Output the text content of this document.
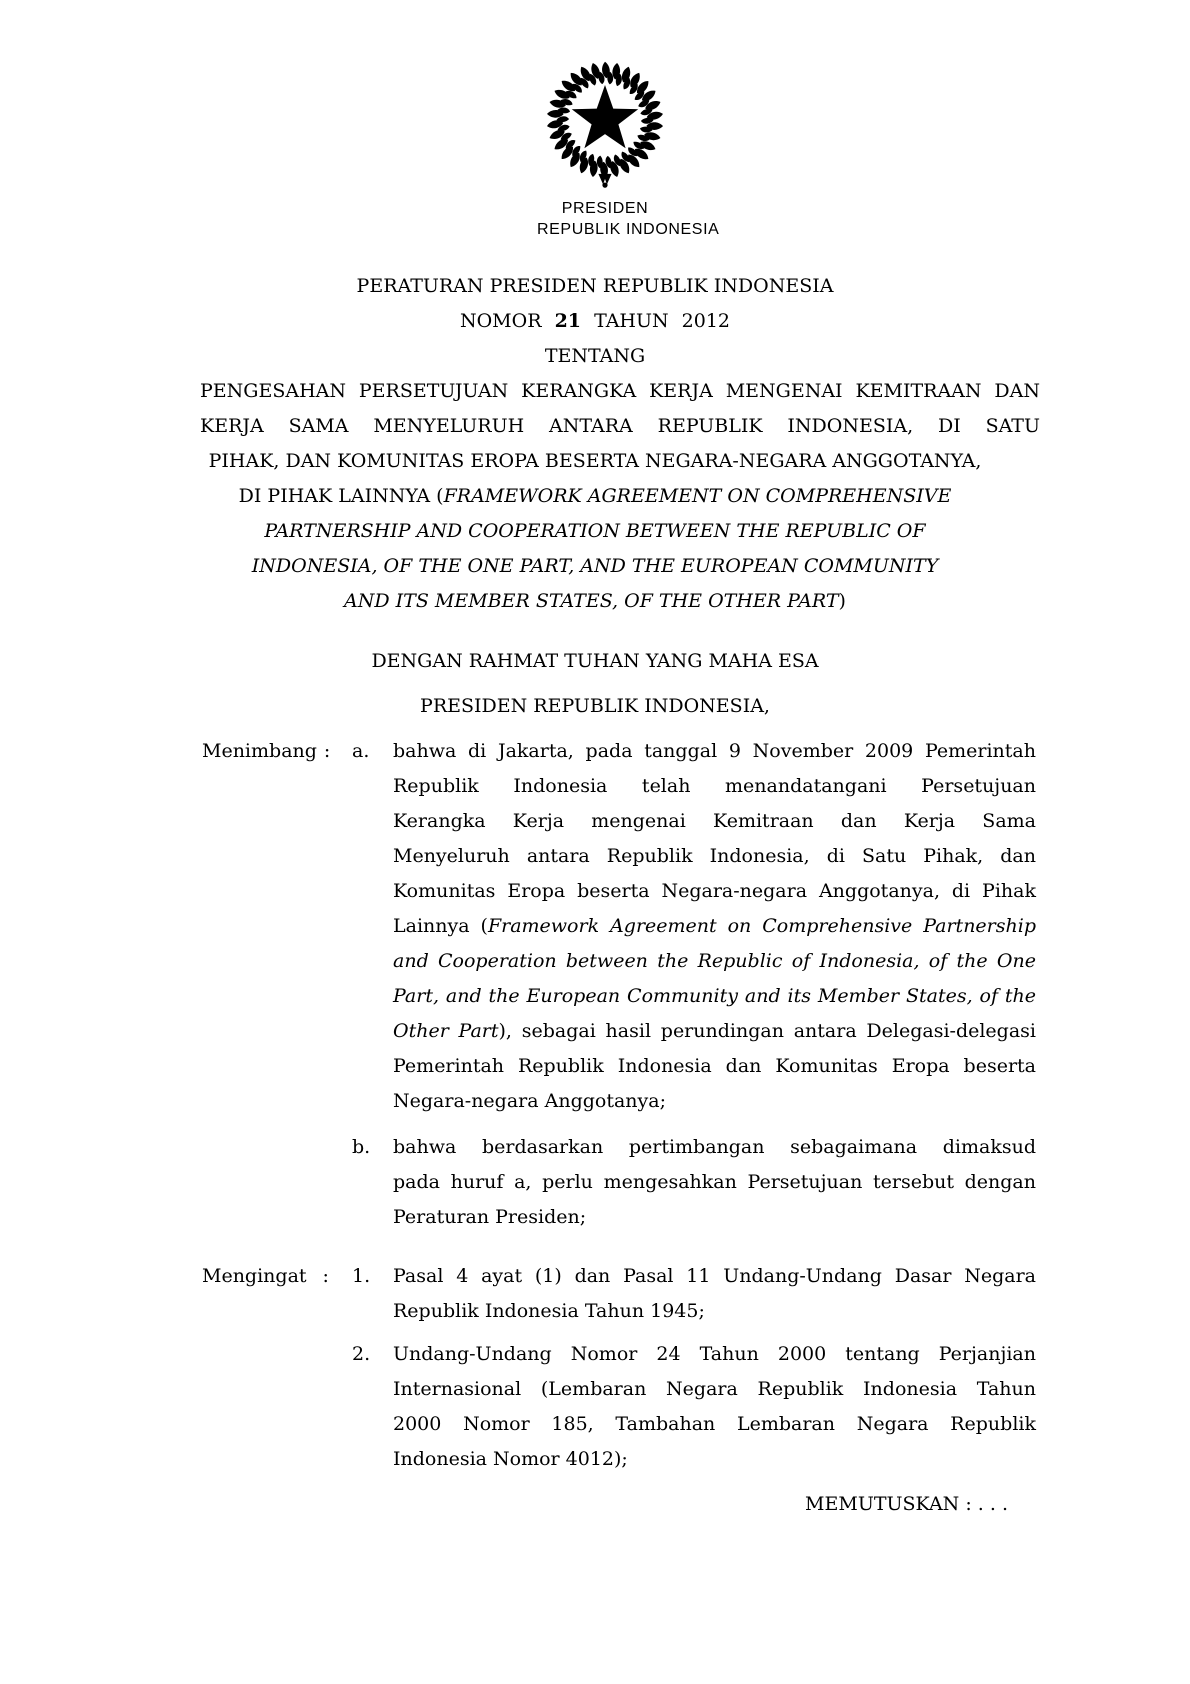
PRESIDEN
REPUBLIK INDONESIA
PERATURAN PRESIDEN REPUBLIK INDONESIA
NOMOR 21 TAHUN 2012
TENTANG
PENGESAHAN PERSETUJUAN KERANGKA KERJA MENGENAI KEMITRAAN DAN
KERJA SAMA MENYELURUH ANTARA REPUBLIK INDONESIA, DI SATU
PIHAK, DAN KOMUNITAS EROPA BESERTA NEGARA-NEGARA ANGGOTANYA,
DI PIHAK LAINNYA (FRAMEWORK AGREEMENT ON COMPREHENSIVE
PARTNERSHIP AND COOPERATION BETWEEN THE REPUBLIC OF
INDONESIA, OF THE ONE PART, AND THE EUROPEAN COMMUNITY
AND ITS MEMBER STATES, OF THE OTHER PART)
DENGAN RAHMAT TUHAN YANG MAHA ESA
PRESIDEN REPUBLIK INDONESIA,
Menimbang :	a.	bahwa di Jakarta, pada tanggal 9 November 2009 Pemerintah
Republik Indonesia telah menandatangani Persetujuan
Kerangka Kerja mengenai Kemitraan dan Kerja Sama
Menyeluruh antara Republik Indonesia, di Satu Pihak, dan
Komunitas Eropa beserta Negara-negara Anggotanya, di Pihak
Lainnya (Framework Agreement on Comprehensive Partnership
and Cooperation between the Republic of Indonesia, of the One
Part, and the European Community and its Member States, of the
Other Part), sebagai hasil perundingan antara Delegasi-delegasi
Pemerintah Republik Indonesia dan Komunitas Eropa beserta
Negara-negara Anggotanya;
b.	bahwa berdasarkan pertimbangan sebagaimana dimaksud
pada huruf a, perlu mengesahkan Persetujuan tersebut dengan
Peraturan Presiden;
Mengingat :	1.	Pasal 4 ayat (1) dan Pasal 11 Undang-Undang Dasar Negara
Republik Indonesia Tahun 1945;
2.	Undang-Undang Nomor 24 Tahun 2000 tentang Perjanjian
Internasional (Lembaran Negara Republik Indonesia Tahun
2000 Nomor 185, Tambahan Lembaran Negara Republik
Indonesia Nomor 4012);
MEMUTUSKAN : . . .
